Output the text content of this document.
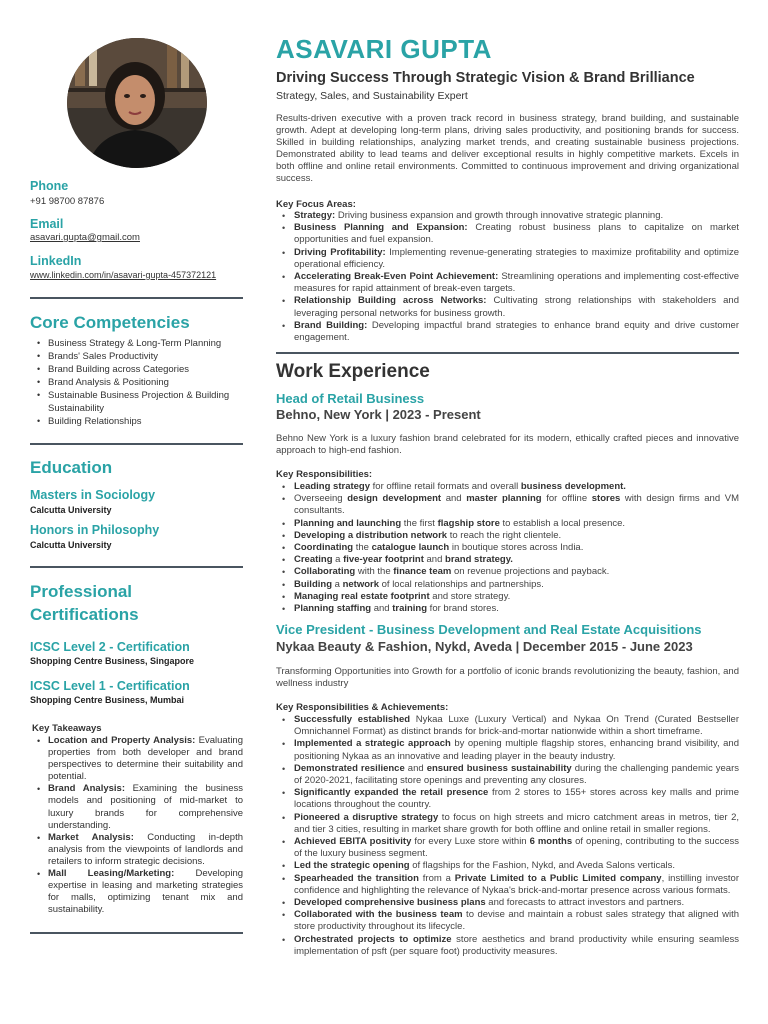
Phone
+91 98700 87876
Email
asavari.gupta@gmail.com
LinkedIn
www.linkedin.com/in/asavari-gupta-457372121
Core Competencies
• Business Strategy & Long-Term Planning
• Brands' Sales Productivity
• Brand Building across Categories
• Brand Analysis & Positioning
• Sustainable Business Projection & Building Sustainability
• Building Relationships
Education
Masters in Sociology
Calcutta University
Honors in Philosophy
Calcutta University
Professional
Certifications
ICSC Level 2 - Certification
Shopping Centre Business, Singapore
ICSC Level 1 - Certification
Shopping Centre Business, Mumbai
Key Takeaways
• Location and Property Analysis: Evaluating properties from both developer and brand perspectives to determine their suitability and potential.
• Brand Analysis: Examining the business models and positioning of mid-market to luxury brands for comprehensive understanding.
• Market Analysis: Conducting in-depth analysis from the viewpoints of landlords and retailers to inform strategic decisions.
• Mall Leasing/Marketing: Developing expertise in leasing and marketing strategies for malls, optimizing tenant mix and sustainability.
ASAVARI GUPTA
Driving Success Through Strategic Vision & Brand Brilliance
Strategy, Sales, and Sustainability Expert
Results-driven executive with a proven track record in business strategy, brand building, and sustainable growth. Adept at developing long-term plans, driving sales productivity, and positioning brands for success. Skilled in building relationships, analyzing market trends, and creating sustainable business projections. Demonstrated ability to lead teams and deliver exceptional results in highly competitive markets. Excels in both offline and online retail environments. Committed to continuous improvement and driving organizational success.
Key Focus Areas:
• Strategy: Driving business expansion and growth through innovative strategic planning.
• Business Planning and Expansion: Creating robust business plans to capitalize on market opportunities and fuel expansion.
• Driving Profitability: Implementing revenue-generating strategies to maximize profitability and optimize operational efficiency.
• Accelerating Break-Even Point Achievement: Streamlining operations and implementing cost-effective measures for rapid attainment of break-even targets.
• Relationship Building across Networks: Cultivating strong relationships with stakeholders and leveraging personal networks for business growth.
• Brand Building: Developing impactful brand strategies to enhance brand equity and drive customer engagement.
Work Experience
Head of Retail Business
Behno, New York | 2023 - Present
Behno New York is a luxury fashion brand celebrated for its modern, ethically crafted pieces and innovative approach to high-end fashion.
Key Responsibilities:
• Leading strategy for offline retail formats and overall business development.
• Overseeing design development and master planning for offline stores with design firms and VM consultants.
• Planning and launching the first flagship store to establish a local presence.
• Developing a distribution network to reach the right clientele.
• Coordinating the catalogue launch in boutique stores across India.
• Creating a five-year footprint and brand strategy.
• Collaborating with the finance team on revenue projections and payback.
• Building a network of local relationships and partnerships.
• Managing real estate footprint and store strategy.
• Planning staffing and training for brand stores.
Vice President - Business Development and Real Estate Acquisitions
Nykaa Beauty & Fashion, Nykd, Aveda | December 2015 - June 2023
Transforming Opportunities into Growth for a portfolio of iconic brands revolutionizing the beauty, fashion, and wellness industry
Key Responsibilities & Achievements:
• Successfully established Nykaa Luxe (Luxury Vertical) and Nykaa On Trend (Curated Bestseller Omnichannel Format) as distinct brands for brick-and-mortar nationwide within a short timeframe.
• Implemented a strategic approach by opening multiple flagship stores, enhancing brand visibility, and positioning Nykaa as an innovative and leading player in the beauty industry.
• Demonstrated resilience and ensured business sustainability during the challenging pandemic years of 2020-2021, facilitating store openings and preventing any closures.
• Significantly expanded the retail presence from 2 stores to 155+ stores across key malls and prime locations throughout the country.
• Pioneered a disruptive strategy to focus on high streets and micro catchment areas in metros, tier 2, and tier 3 cities, resulting in market share growth for both offline and online retail in smaller regions.
• Achieved EBITA positivity for every Luxe store within 6 months of opening, contributing to the success of the luxury business segment.
• Led the strategic opening of flagships for the Fashion, Nykd, and Aveda Salons verticals.
• Spearheaded the transition from a Private Limited to a Public Limited company, instilling investor confidence and highlighting the relevance of Nykaa's brick-and-mortar presence across various formats.
• Developed comprehensive business plans and forecasts to attract investors and partners.
• Collaborated with the business team to devise and maintain a robust sales strategy that aligned with store productivity throughout its lifecycle.
• Orchestrated projects to optimize store aesthetics and brand productivity while ensuring seamless implementation of psft (per square foot) productivity measures.
